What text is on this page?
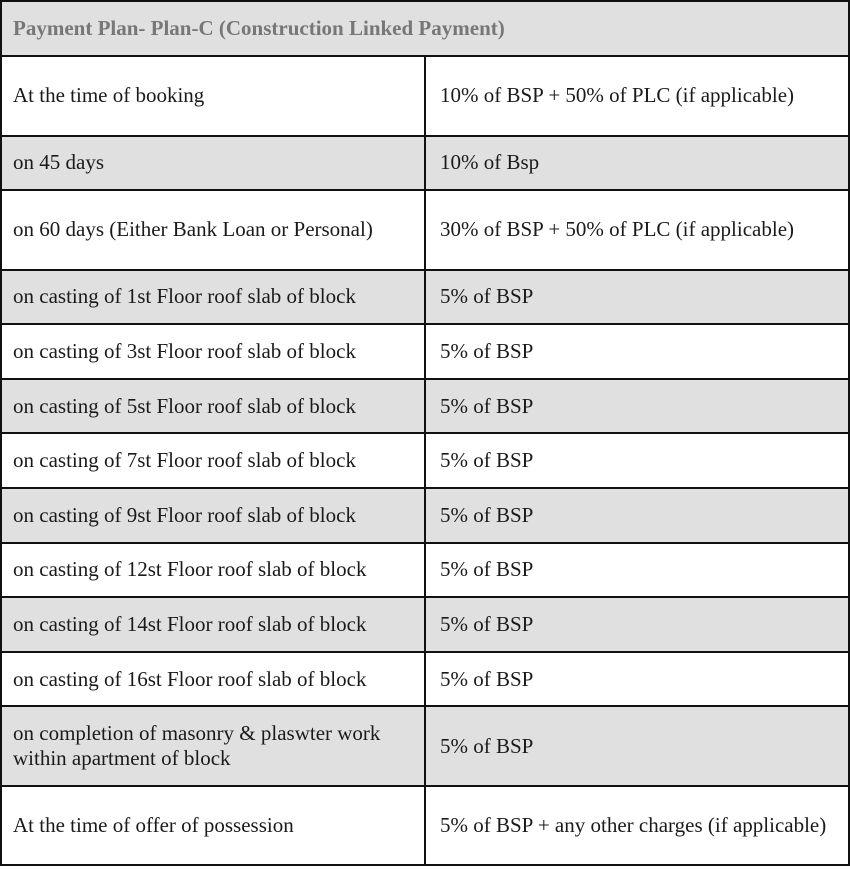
Payment Plan- Plan-C (Construction Linked Payment)	
At the time of booking	10% of BSP + 50% of PLC (if applicable)
on 45 days	10% of Bsp
on 60 days (Either Bank Loan or Personal)	30% of BSP + 50% of PLC (if applicable)
on casting of 1st Floor roof slab of block	5% of BSP
on casting of 3st Floor roof slab of block	5% of BSP
on casting of 5st Floor roof slab of block	5% of BSP
on casting of 7st Floor roof slab of block	5% of BSP
on casting of 9st Floor roof slab of block	5% of BSP
on casting of 12st Floor roof slab of block	5% of BSP
on casting of 14st Floor roof slab of block	5% of BSP
on casting of 16st Floor roof slab of block	5% of BSP
on completion of masonry & plaswter work within apartment of block	5% of BSP
At the time of offer of possession	5% of BSP + any other charges (if applicable)
